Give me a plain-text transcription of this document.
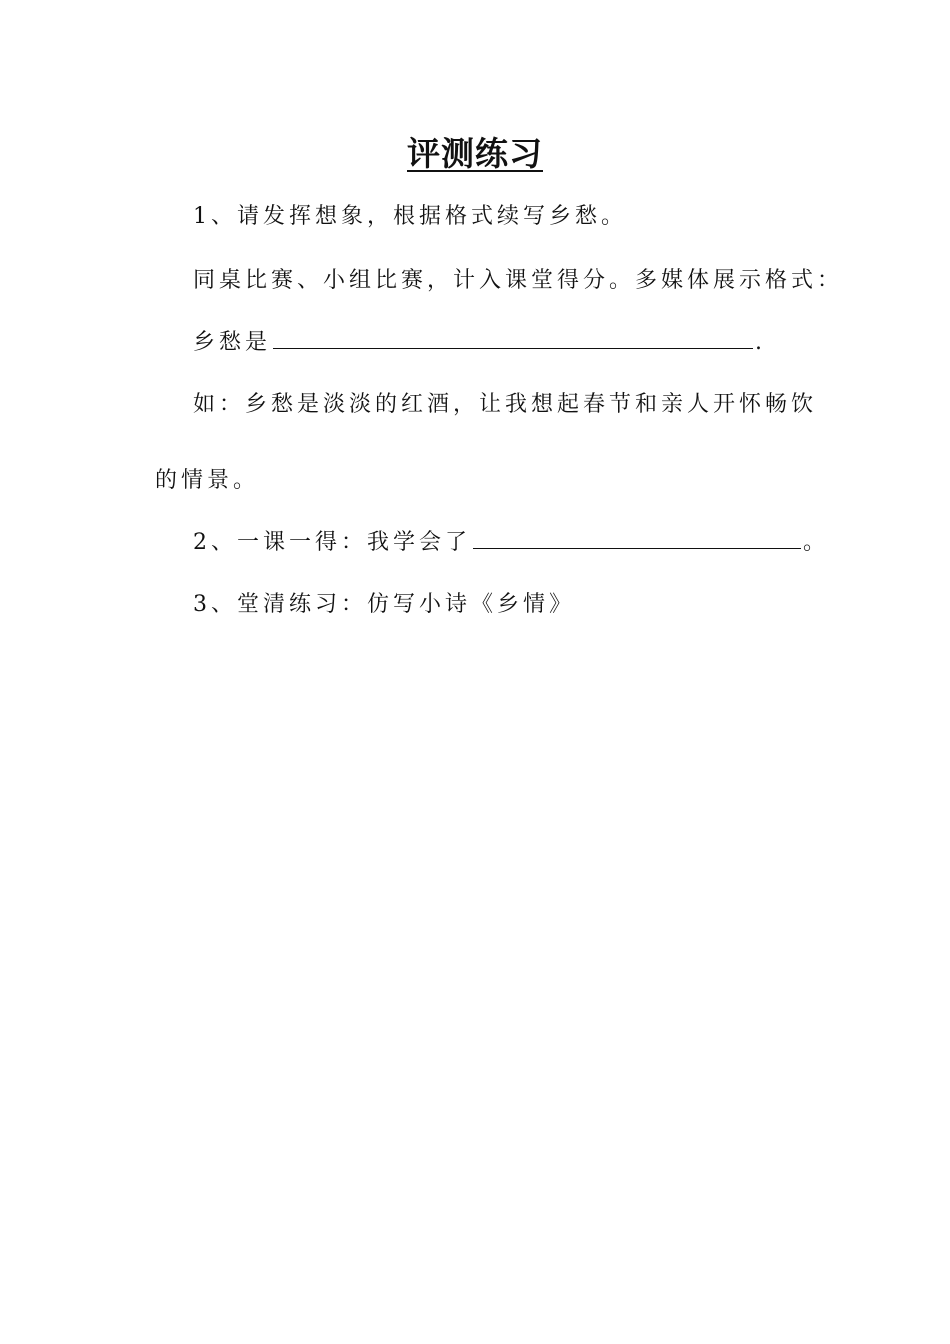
评测练习
1、请发挥想象，根据格式续写乡愁。
同桌比赛、小组比赛，计入课堂得分。多媒体展示格式：
乡愁是	.
如：乡愁是淡淡的红酒，让我想起春节和亲人开怀畅饮
的情景。
2、一课一得：我学会了	。
3、堂清练习：仿写小诗《乡情》
